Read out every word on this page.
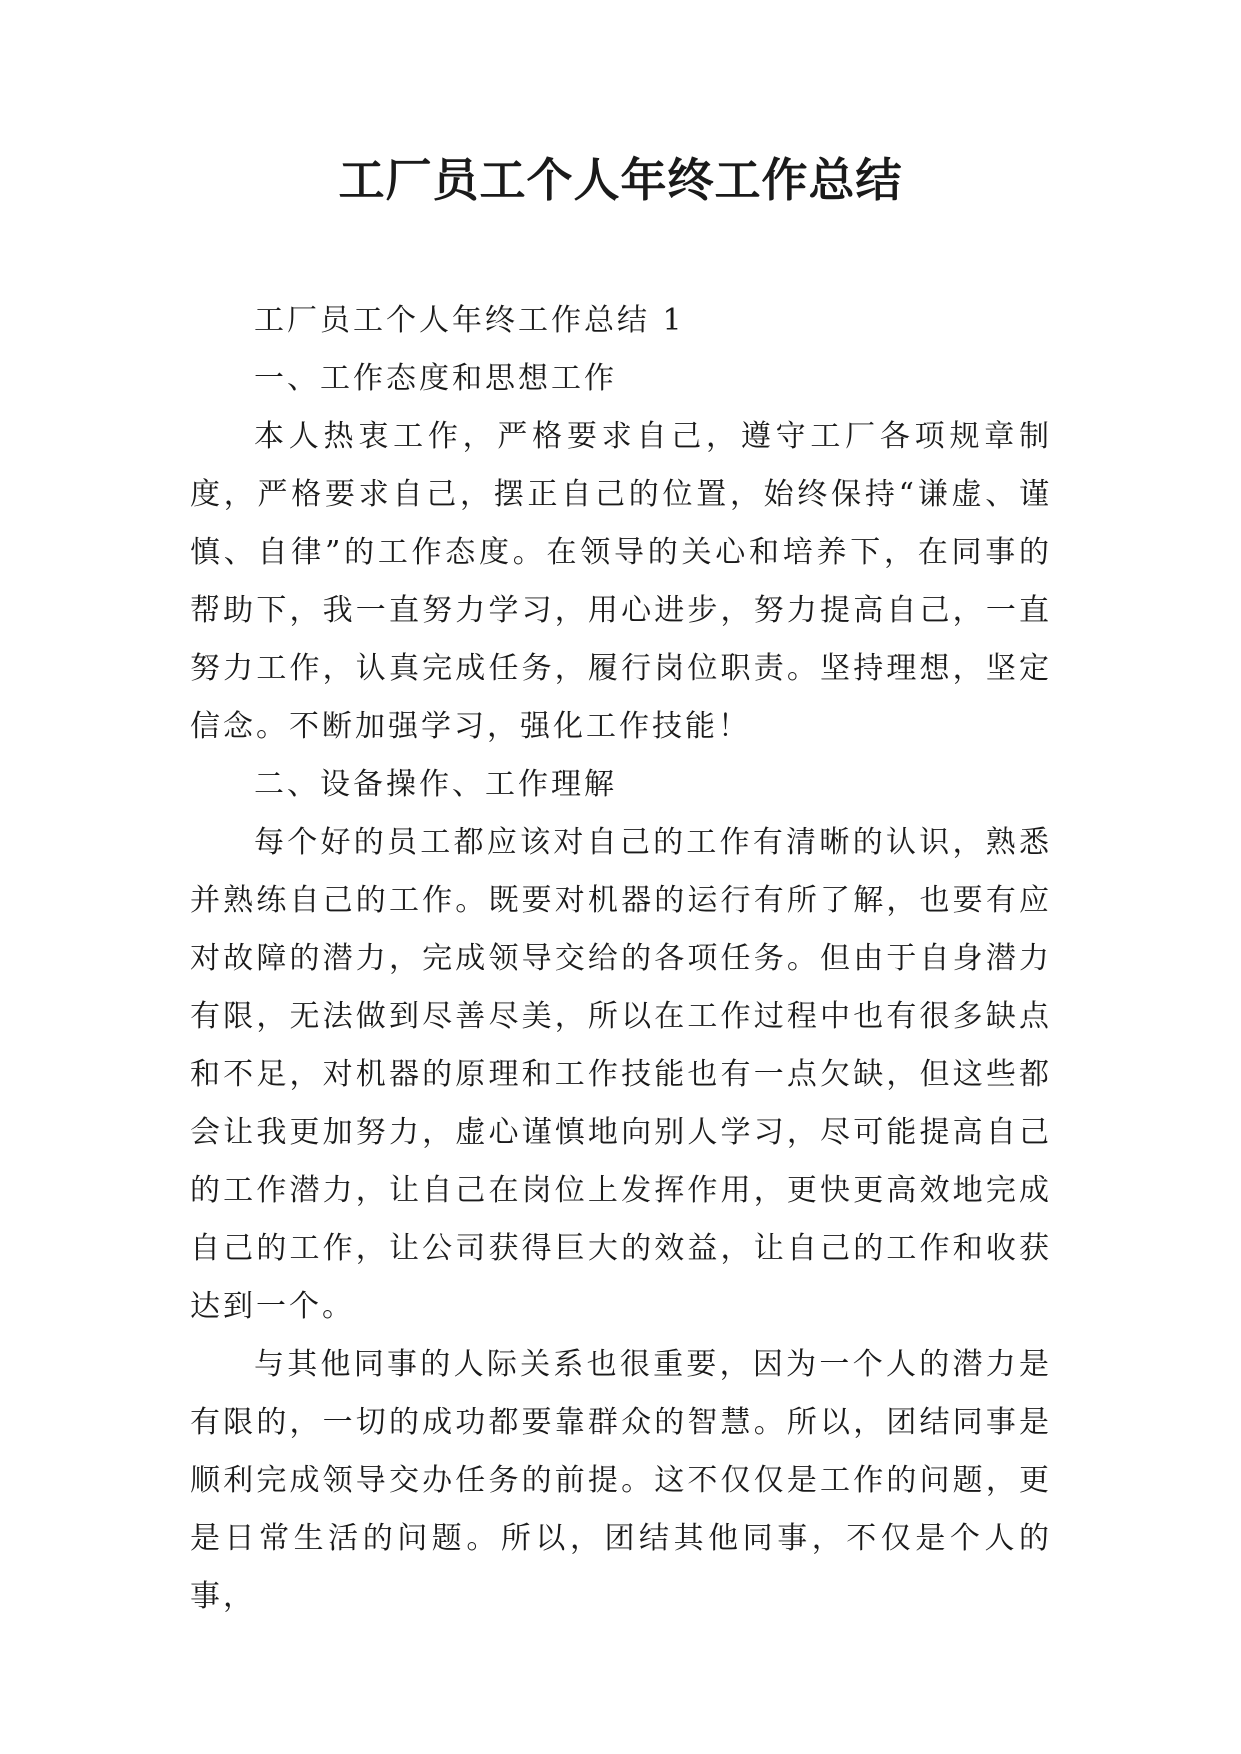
工厂员工个人年终工作总结

工厂员工个人年终工作总结 1

一、工作态度和思想工作

本人热衷工作，严格要求自己，遵守工厂各项规章制度，严格要求自己，摆正自己的位置，始终保持“谦虚、谨慎、自律”的工作态度。在领导的关心和培养下，在同事的帮助下，我一直努力学习，用心进步，努力提高自己，一直努力工作，认真完成任务，履行岗位职责。坚持理想，坚定信念。不断加强学习，强化工作技能！

二、设备操作、工作理解

每个好的员工都应该对自己的工作有清晰的认识，熟悉并熟练自己的工作。既要对机器的运行有所了解，也要有应对故障的潜力，完成领导交给的各项任务。但由于自身潜力有限，无法做到尽善尽美，所以在工作过程中也有很多缺点和不足，对机器的原理和工作技能也有一点欠缺，但这些都会让我更加努力，虚心谨慎地向别人学习，尽可能提高自己的工作潜力，让自己在岗位上发挥作用，更快更高效地完成自己的工作，让公司获得巨大的效益，让自己的工作和收获达到一个。

与其他同事的人际关系也很重要，因为一个人的潜力是有限的，一切的成功都要靠群众的智慧。所以，团结同事是顺利完成领导交办任务的前提。这不仅仅是工作的问题，更是日常生活的问题。所以，团结其他同事，不仅是个人的事，
